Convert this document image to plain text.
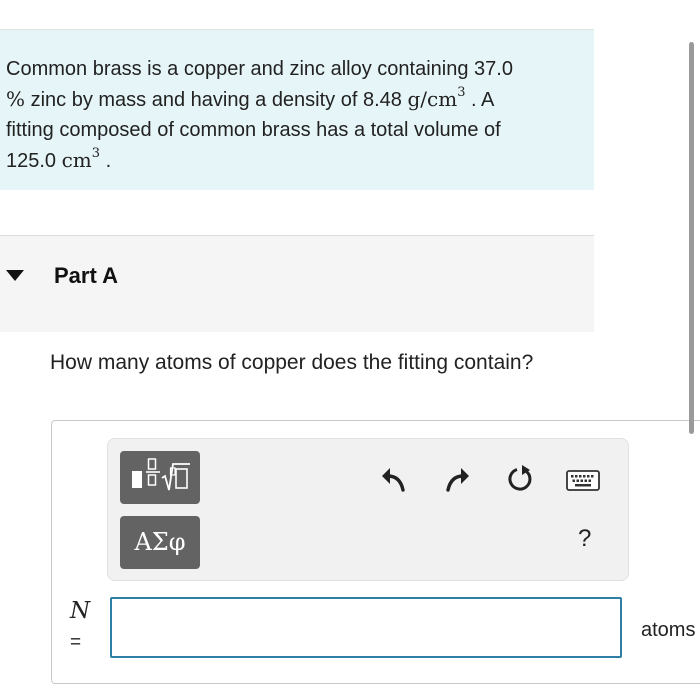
Common brass is a copper and zinc alloy containing 37.0
% zinc by mass and having a density of 8.48 $g/cm^3$ . A
fitting composed of common brass has a total volume of
125.0 $cm^3$ .
Part A
How many atoms of copper does the fitting contain?
ΑΣφ	?
N
=
atoms
